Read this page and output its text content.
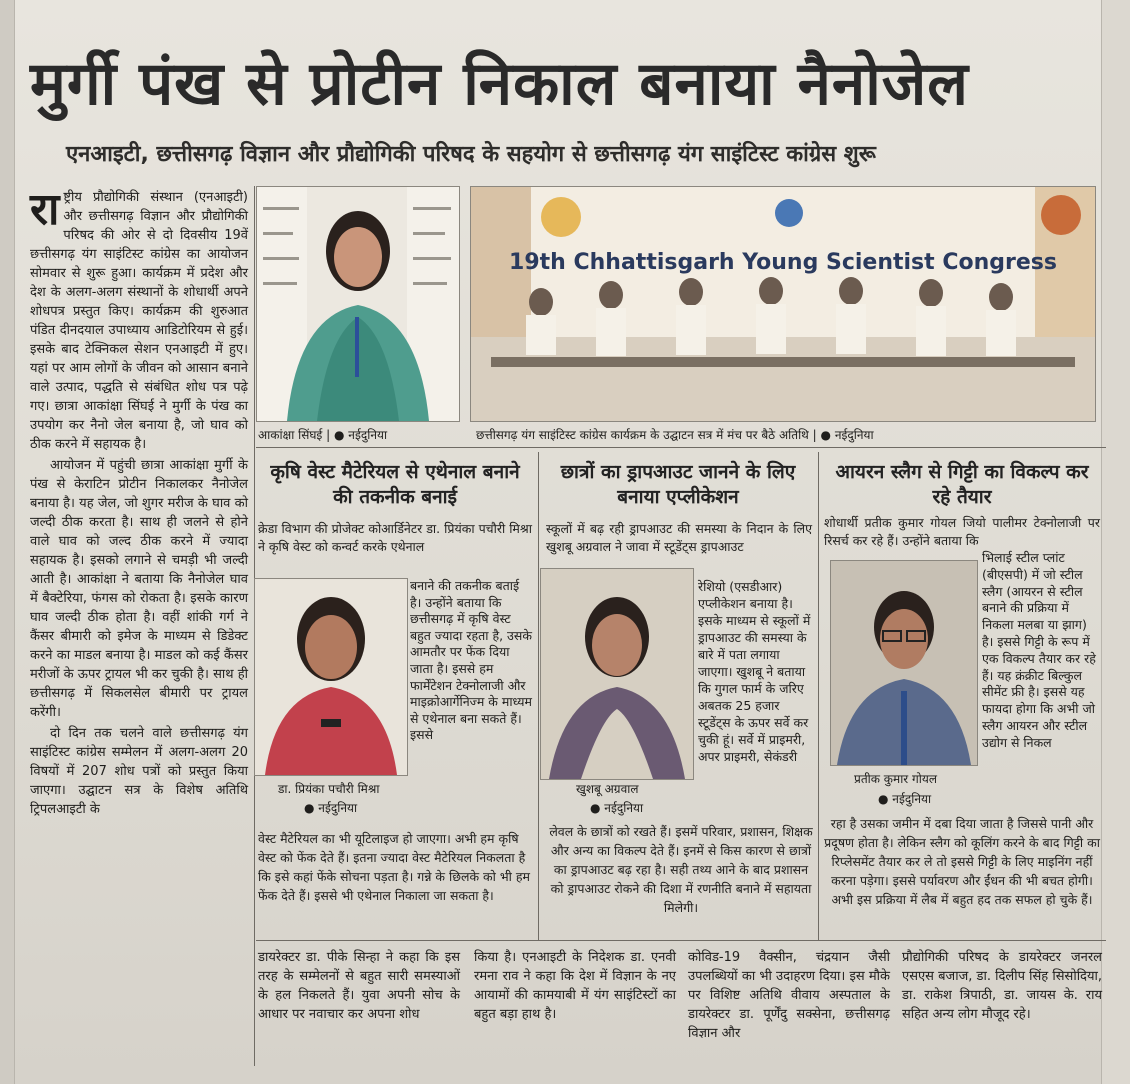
मुर्गी पंख से प्रोटीन निकाल बनाया नैनोजेल
एनआइटी, छत्तीसगढ़ विज्ञान और प्रौद्योगिकी परिषद के सहयोग से छत्तीसगढ़ यंग साइंटिस्ट कांग्रेस शुरू

राष्ट्रीय प्रौद्योगिकी संस्थान (एनआइटी) और छत्तीसगढ़ विज्ञान और प्रौद्योगिकी परिषद की ओर से दो दिवसीय 19वें छत्तीसगढ़ यंग साइंटिस्ट कांग्रेस का आयोजन सोमवार से शुरू हुआ। कार्यक्रम में प्रदेश और देश के अलग-अलग संस्थानों के शोधार्थी अपने शोधपत्र प्रस्तुत किए। कार्यक्रम की शुरुआत पंडित दीनदयाल उपाध्याय आडिटोरियम से हुई। इसके बाद टेक्निकल सेशन एनआइटी में हुए। यहां पर आम लोगों के जीवन को आसान बनाने वाले उत्पाद, पद्धति से संबंधित शोध पत्र पढ़े गए। छात्रा आकांक्षा सिंघई ने मुर्गी के पंख का उपयोग कर नैनो जेल बनाया है, जो घाव को ठीक करने में सहायक है।

आयोजन में पहुंची छात्रा आकांक्षा मुर्गी के पंख से केराटिन प्रोटीन निकालकर नैनोजेल बनाया है। यह जेल, जो शुगर मरीज के घाव को जल्दी ठीक करता है। साथ ही जलने से होने वाले घाव को जल्द ठीक करने में ज्यादा सहायक है। इसको लगाने से चमड़ी भी जल्दी आती है। आकांक्षा ने बताया कि नैनोजेल घाव में बैक्टेरिया, फंगस को रोकता है। इसके कारण घाव जल्दी ठीक होता है। वहीं शांकी गर्ग ने कैंसर बीमारी को इमेज के माध्यम से डिडेक्ट करने का माडल बनाया है। माडल को कई कैंसर मरीजों के ऊपर ट्रायल भी कर चुकी है। साथ ही छत्तीसगढ़ में सिकलसेल बीमारी पर ट्रायल करेंगी।

दो दिन तक चलने वाले छत्तीसगढ़ यंग साइंटिस्ट कांग्रेस सम्मेलन में अलग-अलग 20 विषयों में 207 शोध पत्रों को प्रस्तुत किया जाएगा। उद्घाटन सत्र के विशेष अतिथि ट्रिपलआइटी के

आकांक्षा सिंघई | ● नईदुनिया
19th Chhattisgarh Young Scientist Congress
छत्तीसगढ़ यंग साइंटिस्ट कांग्रेस कार्यक्रम के उद्घाटन सत्र में मंच पर बैठे अतिथि | ● नईदुनिया
कृषि वेस्ट मैटेरियल से एथेनाल बनाने की तकनीक बनाई
क्रेडा विभाग की प्रोजेक्ट कोआर्डिनेटर डा. प्रियंका पचौरी मिश्रा ने कृषि वेस्ट को कन्वर्ट करके एथेनाल
बनाने की तकनीक बताई है। उन्होंने बताया कि छत्तीसगढ़ में कृषि वेस्ट बहुत ज्यादा रहता है, उसके आमतौर पर फेंक दिया जाता है। इससे हम फार्मेंटेशन टेक्नोलाजी और माइक्रोआर्गेनिज्म के माध्यम से एथेनाल बना सकते हैं। इससे
डा. प्रियंका पचौरी मिश्रा
● नईदुनिया
वेस्ट मैटेरियल का भी यूटिलाइज हो जाएगा। अभी हम कृषि वेस्ट को फेंक देते हैं। इतना ज्यादा वेस्ट मैटेरियल निकलता है कि इसे कहां फेंके सोचना पड़ता है। गन्ने के छिलके को भी हम फेंक देते हैं। इससे भी एथेनाल निकाला जा सकता है।
छात्रों का ड्रापआउट जानने के लिए बनाया एप्लीकेशन
स्कूलों में बढ़ रही ड्रापआउट की समस्या के निदान के लिए खुशबू अग्रवाल ने जावा में स्टूडेंट्स ड्रापआउट
रेशियो (एसडीआर) एप्लीकेशन बनाया है। इसके माध्यम से स्कूलों में ड्रापआउट की समस्या के बारे में पता लगाया जाएगा। खुशबू ने बताया कि गुगल फार्म के जरिए अबतक 25 हजार स्टूडेंट्स के ऊपर सर्वे कर चुकी हूं। सर्वे में प्राइमरी, अपर प्राइमरी, सेकंडरी
खुशबू अग्रवाल
● नईदुनिया
लेवल के छात्रों को रखते हैं। इसमें परिवार, प्रशासन, शिक्षक और अन्य का विकल्प देते हैं। इनमें से किस कारण से छात्रों का ड्रापआउट बढ़ रहा है। सही तथ्य आने के बाद प्रशासन को ड्रापआउट रोकने की दिशा में रणनीति बनाने में सहायता मिलेगी।
आयरन स्लैग से गिट्टी का विकल्प कर रहे तैयार
शोधार्थी प्रतीक कुमार गोयल जियो पालीमर टेक्नोलाजी पर रिसर्च कर रहे हैं। उन्होंने बताया कि
भिलाई स्टील प्लांट (बीएसपी) में जो स्टील स्लैग (आयरन से स्टील बनाने की प्रक्रिया में निकला मलबा या झाग) है। इससे गिट्टी के रूप में एक विकल्प तैयार कर रहे हैं। यह क्रंक्रीट बिल्कुल सीमेंट फ्री है। इससे यह फायदा होगा कि अभी जो स्लैग आयरन और स्टील उद्योग से निकल
प्रतीक कुमार गोयल
● नईदुनिया
रहा है उसका जमीन में दबा दिया जाता है जिससे पानी और प्रदूषण होता है। लेकिन स्लैग को कूलिंग करने के बाद गिट्टी का रिप्लेसमेंट तैयार कर ले तो इससे गिट्टी के लिए माइनिंग नहीं करना पड़ेगा। इससे पर्यावरण और ईंधन की भी बचत होगी। अभी इस प्रक्रिया में लैब में बहुत हद तक सफल हो चुके हैं।
डायरेक्टर डा. पीके सिन्हा ने कहा कि इस तरह के सम्मेलनों से बहुत सारी समस्याओं के हल निकलते हैं। युवा अपनी सोच के आधार पर नवाचार कर अपना शोध
किया है। एनआइटी के निदेशक डा. एनवी रमना राव ने कहा कि देश में विज्ञान के नए आयामों की कामयाबी में यंग साइंटिस्टों का बहुत बड़ा हाथ है।
कोविड-19 वैक्सीन, चंद्रयान जैसी उपलब्धियों का भी उदाहरण दिया। इस मौके पर विशिष्ट अतिथि वीवाय अस्पताल के डायरेक्टर डा. पूर्णेंदु सक्सेना, छत्तीसगढ़ विज्ञान और
प्रौद्योगिकी परिषद के डायरेक्टर जनरल एसएस बजाज, डा. दिलीप सिंह सिसोदिया, डा. राकेश त्रिपाठी, डा. जायस के. राय सहित अन्य लोग मौजूद रहे।
